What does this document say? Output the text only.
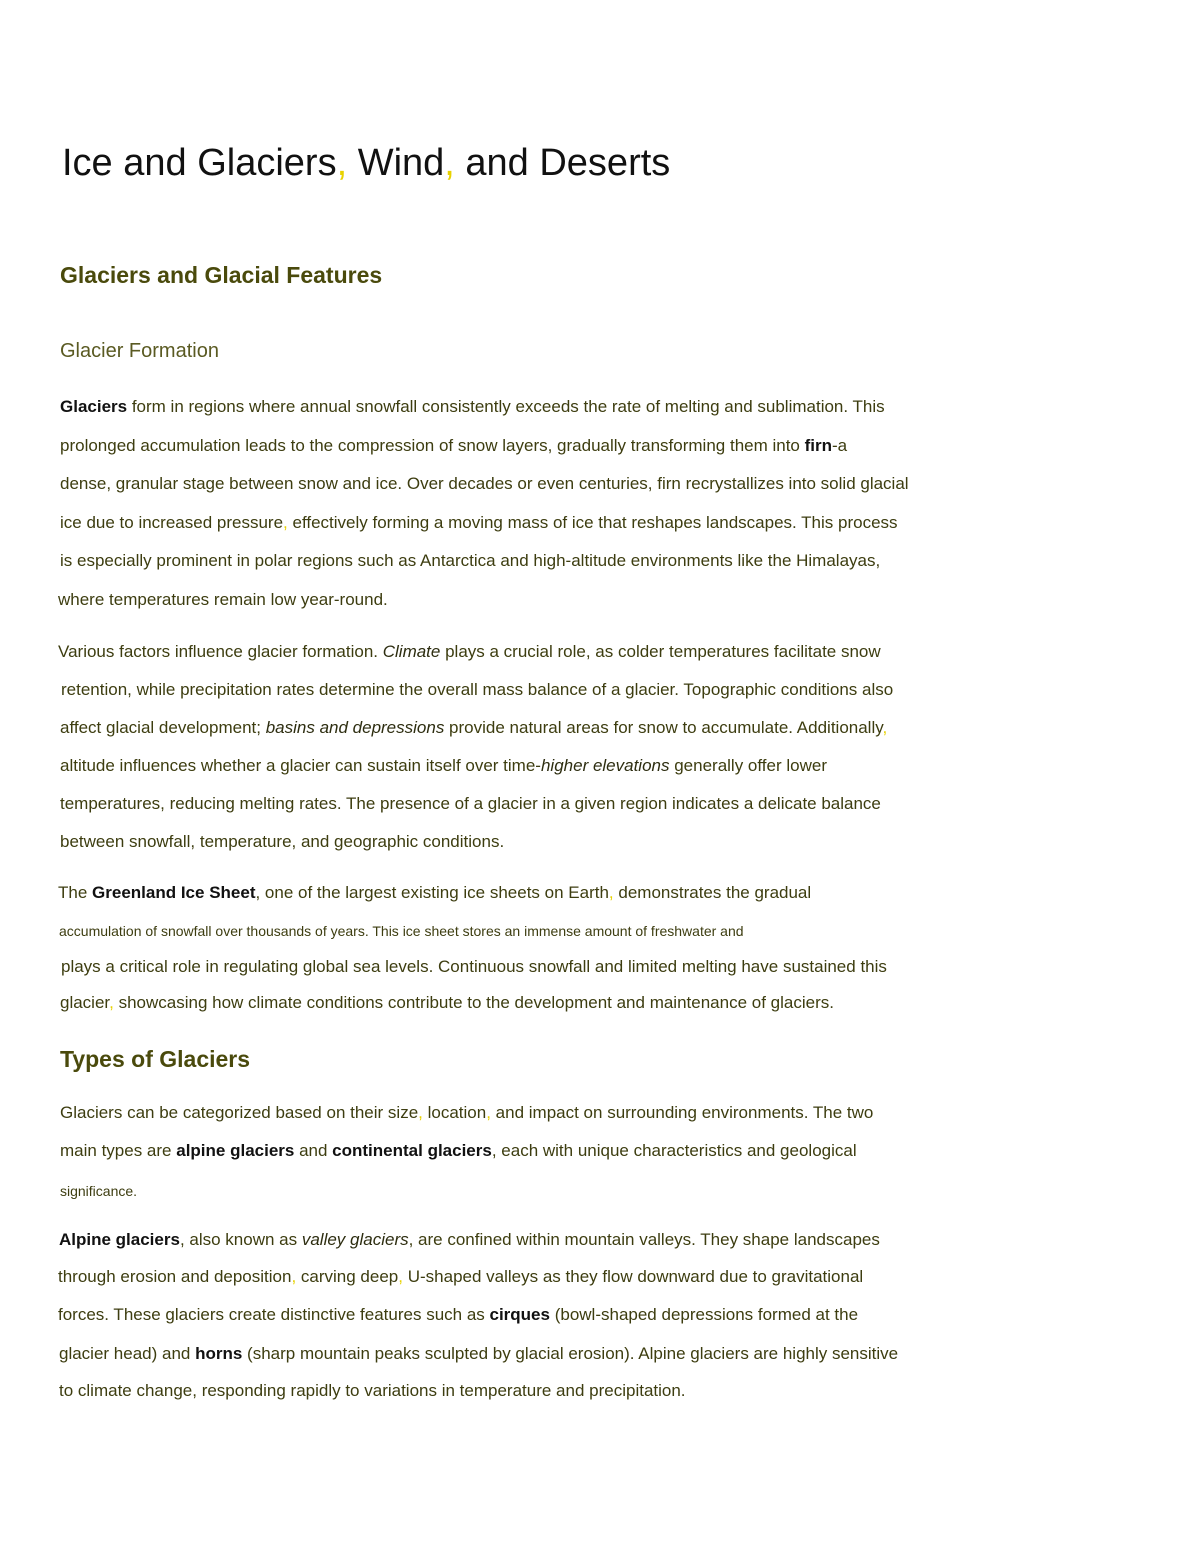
Ice and Glaciers, Wind, and Deserts
Glaciers and Glacial Features
Glacier Formation
Glaciers form in regions where annual snowfall consistently exceeds the rate of melting and sublimation. This
prolonged accumulation leads to the compression of snow layers, gradually transforming them into firn-a
dense, granular stage between snow and ice. Over decades or even centuries, firn recrystallizes into solid glacial
ice due to increased pressure, effectively forming a moving mass of ice that reshapes landscapes. This process
is especially prominent in polar regions such as Antarctica and high-altitude environments like the Himalayas,
where temperatures remain low year-round.
Various factors influence glacier formation. Climate plays a crucial role, as colder temperatures facilitate snow
retention, while precipitation rates determine the overall mass balance of a glacier. Topographic conditions also
affect glacial development; basins and depressions provide natural areas for snow to accumulate. Additionally,
altitude influences whether a glacier can sustain itself over time-higher elevations generally offer lower
temperatures, reducing melting rates. The presence of a glacier in a given region indicates a delicate balance
between snowfall, temperature, and geographic conditions.
The Greenland Ice Sheet, one of the largest existing ice sheets on Earth, demonstrates the gradual
accumulation of snowfall over thousands of years. This ice sheet stores an immense amount of freshwater and
plays a critical role in regulating global sea levels. Continuous snowfall and limited melting have sustained this
glacier, showcasing how climate conditions contribute to the development and maintenance of glaciers.
Types of Glaciers
Glaciers can be categorized based on their size, location, and impact on surrounding environments. The two
main types are alpine glaciers and continental glaciers, each with unique characteristics and geological
significance.
Alpine glaciers, also known as valley glaciers, are confined within mountain valleys. They shape landscapes
through erosion and deposition, carving deep, U-shaped valleys as they flow downward due to gravitational
forces. These glaciers create distinctive features such as cirques (bowl-shaped depressions formed at the
glacier head) and horns (sharp mountain peaks sculpted by glacial erosion). Alpine glaciers are highly sensitive
to climate change, responding rapidly to variations in temperature and precipitation.
